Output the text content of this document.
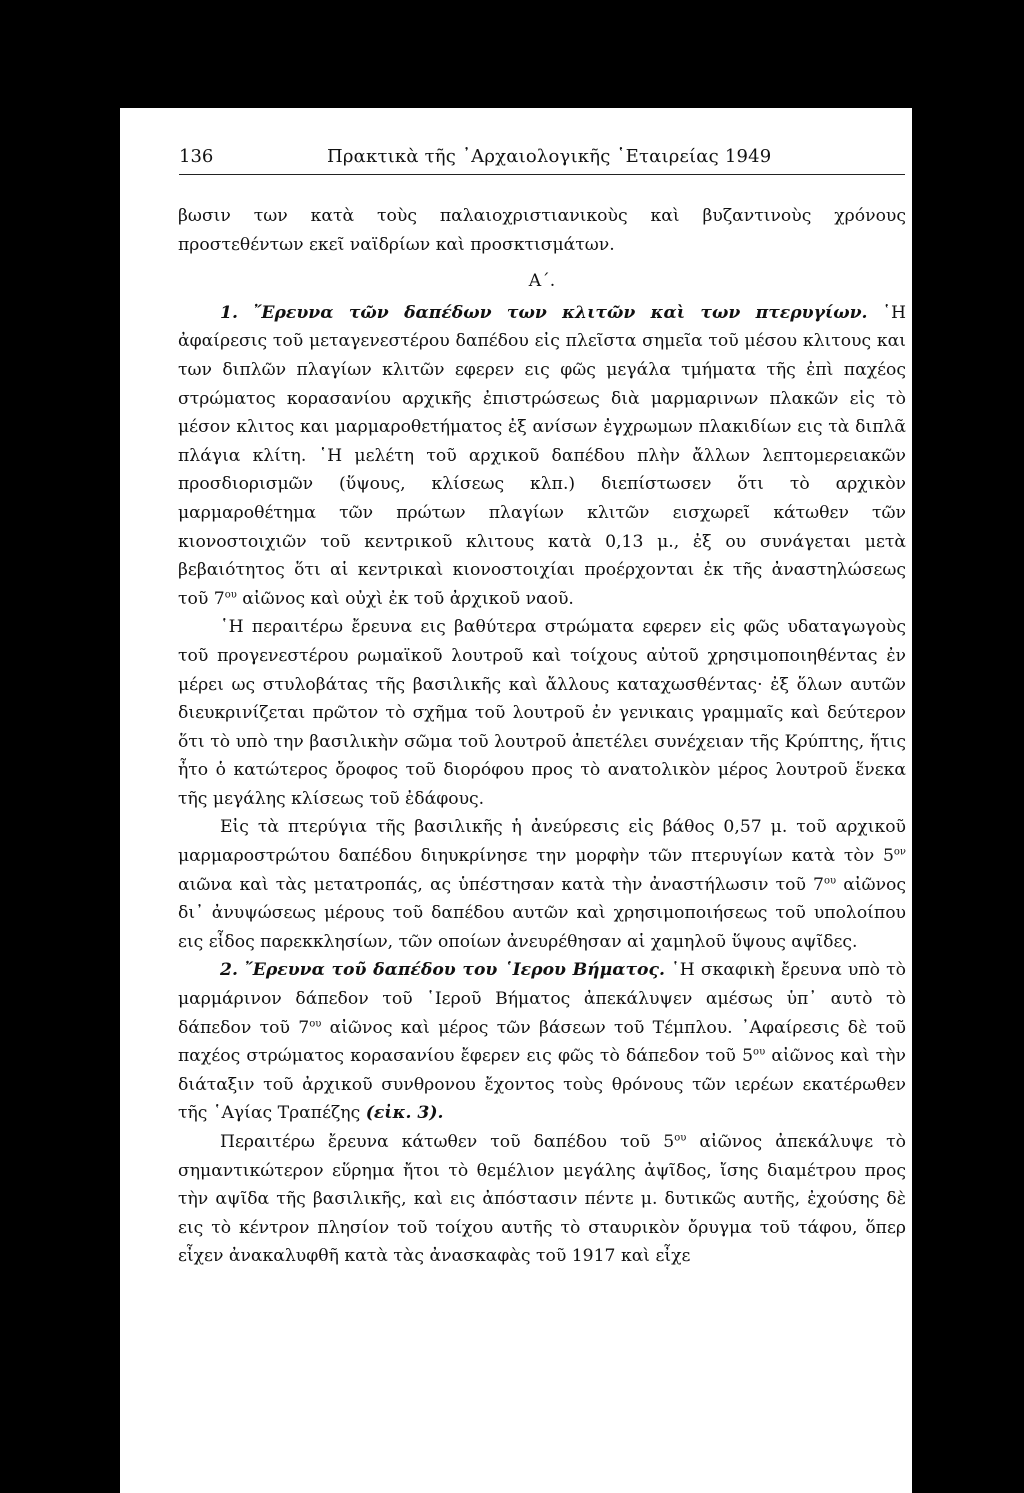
136	Πρακτικὰ τῆς ᾽Αρχαιολογικῆς ῾Εταιρείας 1949

βωσιν των κατὰ τοὺς παλαιοχριστιανικοὺς καὶ βυζαντινοὺς χρόνους προστεθέντων εκεῖ ναϊδρίων καὶ προσκτισμάτων.

Α΄.

1. ῎Ερευνα τῶν δαπέδων των κλιτῶν καὶ των πτερυγίων. ῾Η ἀφαίρεσις τοῦ μεταγενεστέρου δαπέδου εἰς πλεῖστα σημεῖα τοῦ μέσου κλιτους και των διπλῶν πλαγίων κλιτῶν εφερεν εις φῶς μεγάλα τμήματα τῆς ἐπὶ παχέος στρώματος κορασανίου αρχικῆς ἐπιστρώσεως διὰ μαρμαρινων πλακῶν εἰς τὸ μέσον κλιτος και μαρμαροθετήματος ἐξ ανίσων ἐγχρωμων πλακιδίων εις τὰ διπλᾶ πλάγια κλίτη. ῾Η μελέτη τοῦ αρχικοῦ δαπέδου πλὴν ἄλλων λεπτομερειακῶν προσδιορισμῶν (ὕψους, κλίσεως κλπ.) διεπίστωσεν ὅτι τὸ αρχικὸν μαρμαροθέτημα τῶν πρώτων πλαγίων κλιτῶν εισχωρεῖ κάτωθεν τῶν κιονοστοιχιῶν τοῦ κεντρικοῦ κλιτους κατὰ 0,13 μ., ἐξ ου συνάγεται μετὰ βεβαιότητος ὅτι αἱ κεντρικαὶ κιονοστοιχίαι προέρχονται ἐκ τῆς ἀναστηλώσεως τοῦ $7^{o\upsilon}$ αἰῶνος καὶ οὐχὶ ἐκ τοῦ ἀρχικοῦ ναοῦ.

῾Η περαιτέρω ἔρευνα εις βαθύτερα στρώματα εφερεν εἰς φῶς υδαταγωγοὺς τοῦ προγενεστέρου ρωμαϊκοῦ λουτροῦ καὶ τοίχους αὐτοῦ χρησιμοποιηθέντας ἐν μέρει ως στυλοβάτας τῆς βασιλικῆς καὶ ἄλλους καταχωσθέντας· ἐξ ὅλων αυτῶν διευκρινίζεται πρῶτον τὸ σχῆμα τοῦ λουτροῦ ἐν γενικαις γραμμαῖς καὶ δεύτερον ὅτι τὸ υπὸ την βασιλικὴν σῶμα τοῦ λουτροῦ ἀπετέλει συνέχειαν τῆς Κρύπτης, ἥτις ἦτο ὁ κατώτερος ὄροφος τοῦ διορόφου προς τὸ ανατολικὸν μέρος λουτροῦ ἕνεκα τῆς μεγάλης κλίσεως τοῦ ἐδάφους.

Εἰς τὰ πτερύγια τῆς βασιλικῆς ἡ ἀνεύρεσις εἰς βάθος 0,57 μ. τοῦ αρχικοῦ μαρμαροστρώτου δαπέδου διηυκρίνησε την μορφὴν τῶν πτερυγίων κατὰ τὸν $5^{o\nu}$ αιῶνα καὶ τὰς μετατροπάς, ας ὑπέστησαν κατὰ τὴν ἀναστήλωσιν τοῦ $7^{o\upsilon}$ αἰῶνος δι᾽ ἀνυψώσεως μέρους τοῦ δαπέδου αυτῶν καὶ χρησιμοποιήσεως τοῦ υπολοίπου εις εἶδος παρεκκλησίων, τῶν οποίων ἀνευρέθησαν αἱ χαμηλοῦ ὕψους αψῖδες.

2. ῎Ερευνα τοῦ δαπέδου του ῾Ιερου Βήματος. ῾Η σκαφικὴ ἔρευνα υπὸ τὸ μαρμάρινον δάπεδον τοῦ ῾Ιεροῦ Βήματος ἀπεκάλυψεν αμέσως ὑπ᾽ αυτὸ τὸ δάπεδον τοῦ $7^{o\upsilon}$ αἰῶνος καὶ μέρος τῶν βάσεων τοῦ Τέμπλου. ᾽Αφαίρεσις δὲ τοῦ παχέος στρώματος κορασανίου ἔφερεν εις φῶς τὸ δάπεδον τοῦ $5^{o\upsilon}$ αἰῶνος καὶ τὴν διάταξιν τοῦ ἀρχικοῦ συνθρονου ἔχοντος τοὺς θρόνους τῶν ιερέων εκατέρωθεν τῆς ῾Αγίας Τραπέζης (εἰκ. 3).

Περαιτέρω ἔρευνα κάτωθεν τοῦ δαπέδου τοῦ $5^{o\upsilon}$ αἰῶνος ἀπεκάλυψε τὸ σημαντικώτερον εὕρημα ἤτοι τὸ θεμέλιον μεγάλης ἀψῖδος, ἴσης διαμέτρου προς τὴν αψῖδα τῆς βασιλικῆς, καὶ εις ἀπόστασιν πέντε μ. δυτικῶς αυτῆς, ἐχούσης δὲ εις τὸ κέντρον πλησίον τοῦ τοίχου αυτῆς τὸ σταυρικὸν ὄρυγμα τοῦ τάφου, ὅπερ εἶχεν ἀνακαλυφθῆ κατὰ τὰς ἀνασκαφὰς τοῦ 1917 καὶ εἶχε
